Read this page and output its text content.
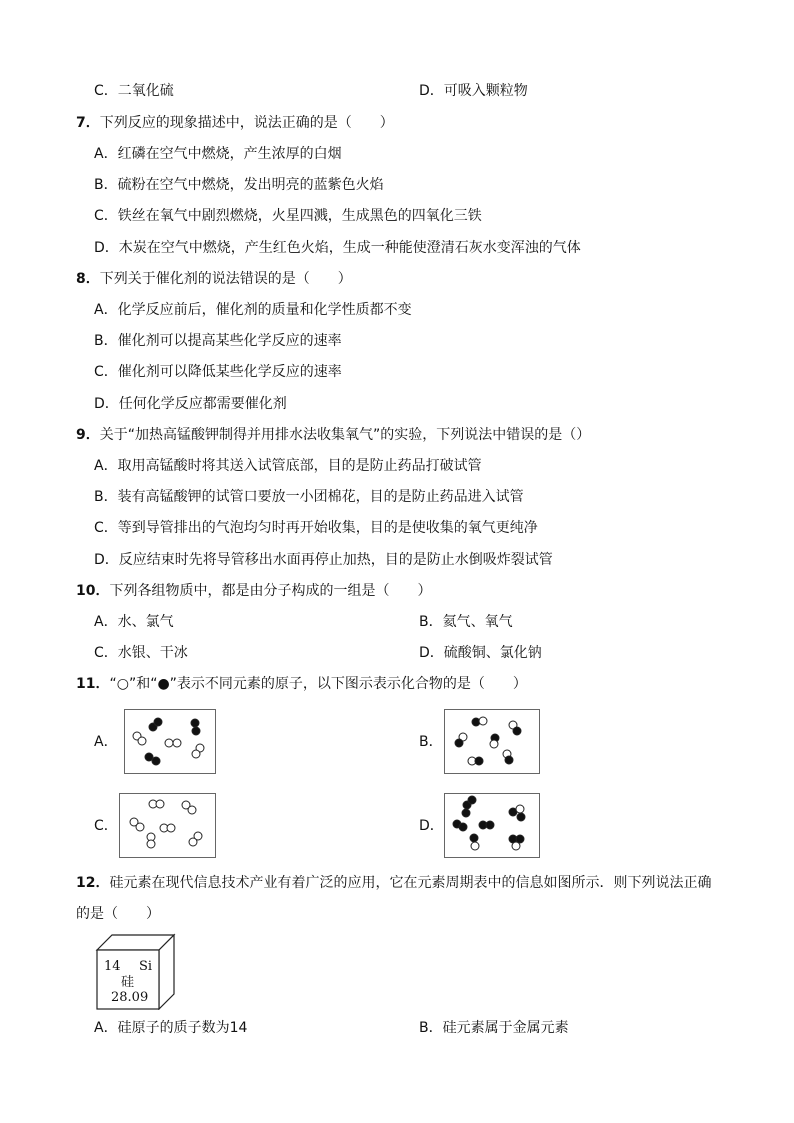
C．二氧化硫	D．可吸入颗粒物
7．下列反应的现象描述中，说法正确的是（　　）
A．红磷在空气中燃烧，产生浓厚的白烟
B．硫粉在空气中燃烧，发出明亮的蓝紫色火焰
C．铁丝在氧气中剧烈燃烧，火星四溅，生成黑色的四氧化三铁
D．木炭在空气中燃烧，产生红色火焰，生成一种能使澄清石灰水变浑浊的气体
8．下列关于催化剂的说法错误的是（　　）
A．化学反应前后，催化剂的质量和化学性质都不变
B．催化剂可以提高某些化学反应的速率
C．催化剂可以降低某些化学反应的速率
D．任何化学反应都需要催化剂
9．关于“加热高锰酸钾制得并用排水法收集氧气”的实验，下列说法中错误的是（）
A．取用高锰酸时将其送入试管底部，目的是防止药品打破试管
B．装有高锰酸钾的试管口要放一小团棉花，目的是防止药品进入试管
C．等到导管排出的气泡均匀时再开始收集，目的是使收集的氧气更纯净
D．反应结束时先将导管移出水面再停止加热，目的是防止水倒吸炸裂试管
10．下列各组物质中，都是由分子构成的一组是（　　）
A．水、氯气	B．氦气、氧气
C．水银、干冰	D．硫酸铜、氯化钠
11．“○”和“●”表示不同元素的原子，以下图示表示化合物的是（　　）
A．	B．
C．	D．
12．硅元素在现代信息技术产业有着广泛的应用，它在元素周期表中的信息如图所示．则下列说法正确
的是（　　）
14 Si
硅
28.09
A．硅原子的质子数为14	B．硅元素属于金属元素
